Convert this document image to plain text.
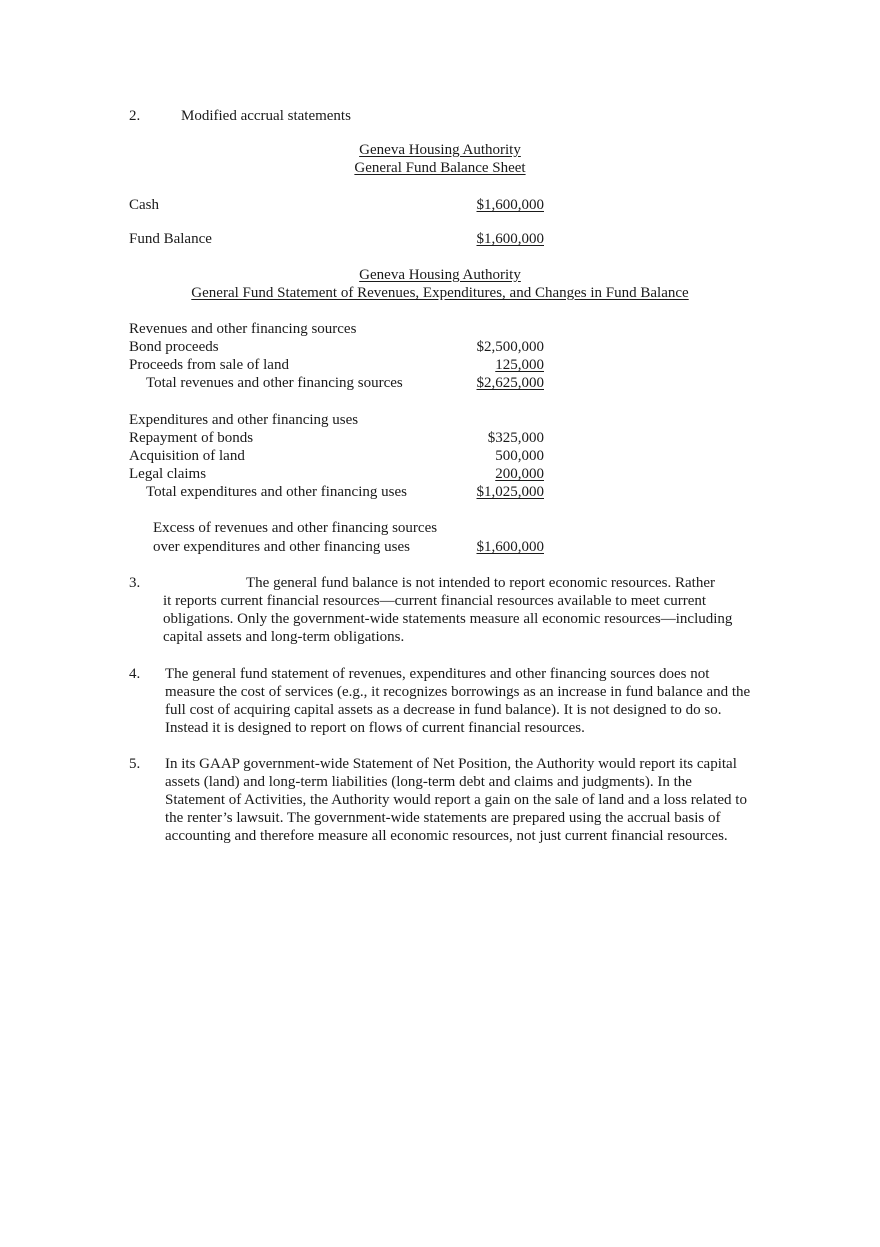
2.	Modified accrual statements
Geneva Housing Authority
General Fund Balance Sheet
Cash	$1,600,000
Fund Balance	$1,600,000
Geneva Housing Authority
General Fund Statement of Revenues, Expenditures, and Changes in Fund Balance
Revenues and other financing sources
Bond proceeds	$2,500,000
Proceeds from sale of land	125,000
Total revenues and other financing sources	$2,625,000
Expenditures and other financing uses
Repayment of bonds	$325,000
Acquisition of land	500,000
Legal claims	200,000
Total expenditures and other financing uses	$1,025,000
Excess of revenues and other financing sources
over expenditures and other financing uses	$1,600,000
3.	The general fund balance is not intended to report economic resources. Rather
it reports current financial resources—current financial resources available to meet current obligations. Only the government-wide statements measure all economic resources—including capital assets and long-term obligations.
4. The general fund statement of revenues, expenditures and other financing sources does not measure the cost of services (e.g., it recognizes borrowings as an increase in fund balance and the full cost of acquiring capital assets as a decrease in fund balance). It is not designed to do so. Instead it is designed to report on flows of current financial resources.
5. In its GAAP government-wide Statement of Net Position, the Authority would report its capital assets (land) and long-term liabilities (long-term debt and claims and judgments). In the Statement of Activities, the Authority would report a gain on the sale of land and a loss related to the renter’s lawsuit. The government-wide statements are prepared using the accrual basis of accounting and therefore measure all economic resources, not just current financial resources.
